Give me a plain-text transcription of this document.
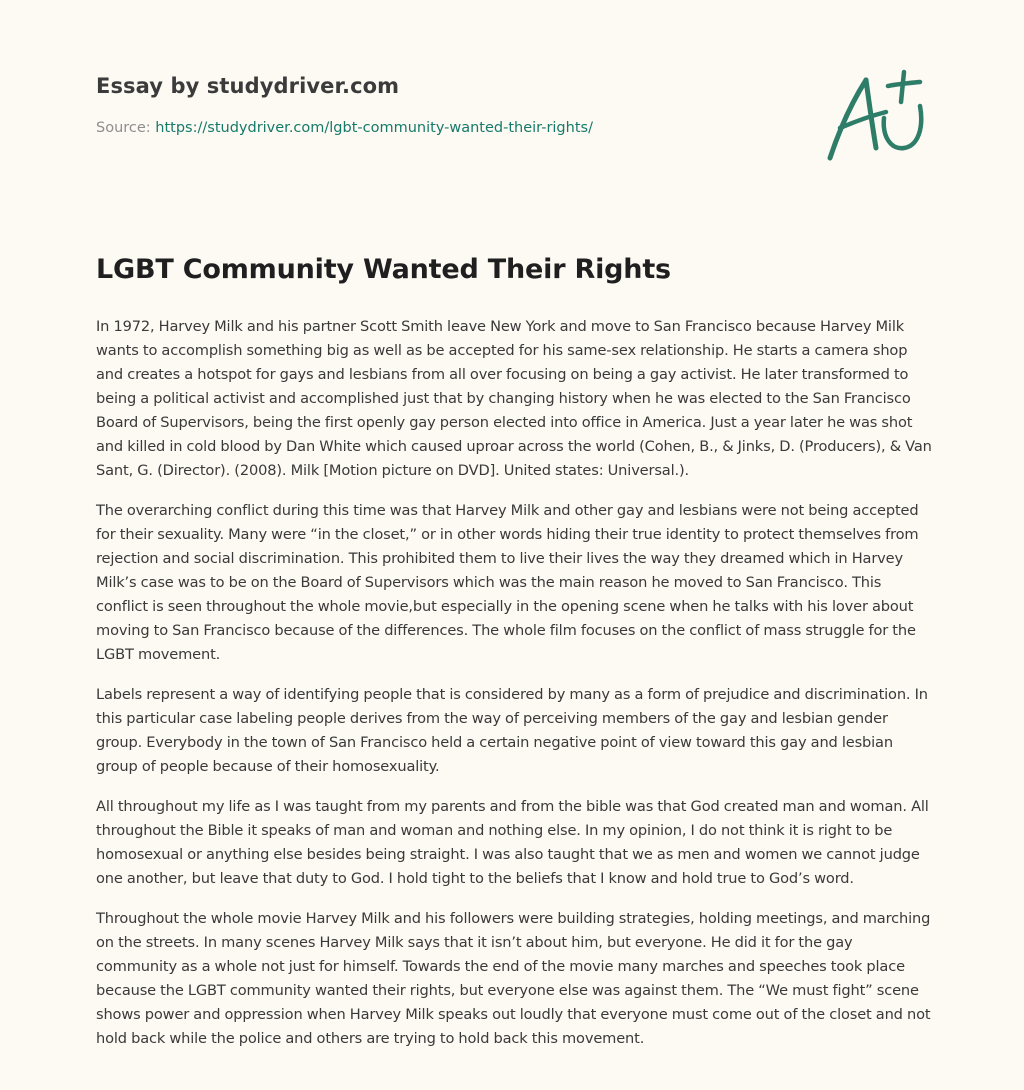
Essay by studydriver.com
Source: https://studydriver.com/lgbt-community-wanted-their-rights/
LGBT Community Wanted Their Rights

In 1972, Harvey Milk and his partner Scott Smith leave New York and move to San Francisco because Harvey Milk wants to accomplish something big as well as be accepted for his same-sex relationship. He starts a camera shop and creates a hotspot for gays and lesbians from all over focusing on being a gay activist. He later transformed to being a political activist and accomplished just that by changing history when he was elected to the San Francisco Board of Supervisors, being the first openly gay person elected into office in America. Just a year later he was shot and killed in cold blood by Dan White which caused uproar across the world (Cohen, B., & Jinks, D. (Producers), & Van Sant, G. (Director). (2008). Milk [Motion picture on DVD]. United states: Universal.).

The overarching conflict during this time was that Harvey Milk and other gay and lesbians were not being accepted for their sexuality. Many were “in the closet,” or in other words hiding their true identity to protect themselves from rejection and social discrimination. This prohibited them to live their lives the way they dreamed which in Harvey Milk’s case was to be on the Board of Supervisors which was the main reason he moved to San Francisco. This conflict is seen throughout the whole movie,but especially in the opening scene when he talks with his lover about moving to San Francisco because of the differences. The whole film focuses on the conflict of mass struggle for the LGBT movement.

Labels represent a way of identifying people that is considered by many as a form of prejudice and discrimination. In this particular case labeling people derives from the way of perceiving members of the gay and lesbian gender group. Everybody in the town of San Francisco held a certain negative point of view toward this gay and lesbian group of people because of their homosexuality.

All throughout my life as I was taught from my parents and from the bible was that God created man and woman. All throughout the Bible it speaks of man and woman and nothing else. In my opinion, I do not think it is right to be homosexual or anything else besides being straight. I was also taught that we as men and women we cannot judge one another, but leave that duty to God. I hold tight to the beliefs that I know and hold true to God’s word.

Throughout the whole movie Harvey Milk and his followers were building strategies, holding meetings, and marching on the streets. In many scenes Harvey Milk says that it isn’t about him, but everyone. He did it for the gay community as a whole not just for himself. Towards the end of the movie many marches and speeches took place because the LGBT community wanted their rights, but everyone else was against them. The “We must fight” scene shows power and oppression when Harvey Milk speaks out loudly that everyone must come out of the closet and not hold back while the police and others are trying to hold back this movement.
